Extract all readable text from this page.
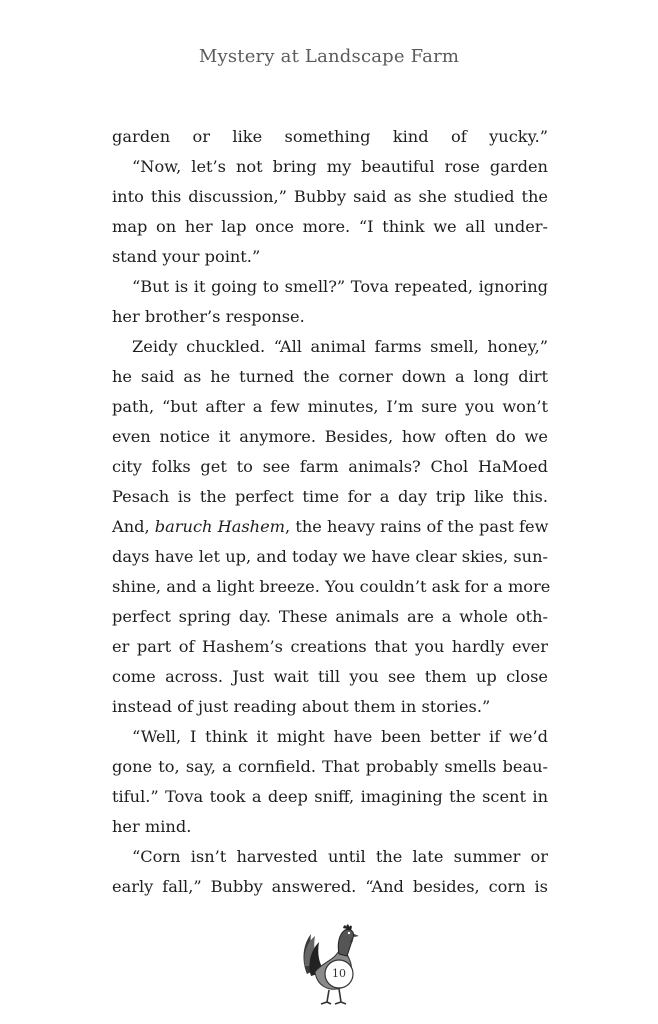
Mystery at Landscape Farm
garden or like something kind of yucky.”
“Now, let’s not bring my beautiful rose garden
into this discussion,” Bubby said as she studied the
map on her lap once more. “I think we all under-
stand your point.”
“But is it going to smell?” Tova repeated, ignoring
her brother’s response.
Zeidy chuckled. “All animal farms smell, honey,”
he said as he turned the corner down a long dirt
path, “but after a few minutes, I’m sure you won’t
even notice it anymore. Besides, how often do we
city folks get to see farm animals? Chol HaMoed
Pesach is the perfect time for a day trip like this.
And, baruch Hashem, the heavy rains of the past few
days have let up, and today we have clear skies, sun-
shine, and a light breeze. You couldn’t ask for a more
perfect spring day. These animals are a whole oth-
er part of Hashem’s creations that you hardly ever
come across. Just wait till you see them up close
instead of just reading about them in stories.”
“Well, I think it might have been better if we’d
gone to, say, a cornfield. That probably smells beau-
tiful.” Tova took a deep sniff, imagining the scent in
her mind.
“Corn isn’t harvested until the late summer or
early fall,” Bubby answered. “And besides, corn is
10
